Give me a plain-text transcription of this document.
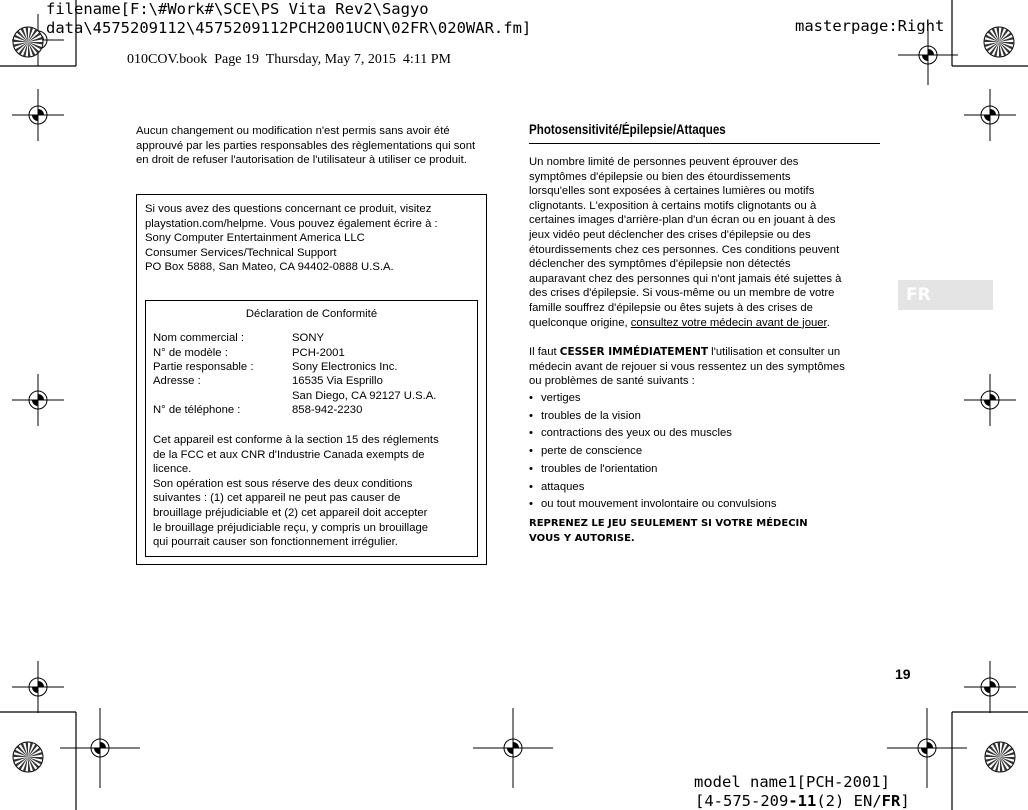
filename[F:\#Work#\SCE\PS Vita Rev2\Sagyo
data\4575209112\4575209112PCH2001UCN\02FR\020WAR.fm]	masterpage:Right
010COV.book  Page 19  Thursday, May 7, 2015  4:11 PM
Aucun changement ou modification n'est permis sans avoir été approuvé par les parties responsables des règlementations qui sont en droit de refuser l'autorisation de l'utilisateur à utiliser ce produit.
Si vous avez des questions concernant ce produit, visitez
playstation.com/helpme. Vous pouvez également écrire à :
Sony Computer Entertainment America LLC
Consumer Services/Technical Support
PO Box 5888, San Mateo, CA 94402-0888 U.S.A.
Déclaration de Conformité
Nom commercial :	SONY
N° de modèle :	PCH-2001
Partie responsable :	Sony Electronics Inc.
Adresse :	16535 Via Esprillo
San Diego, CA 92127 U.S.A.
N° de téléphone :	858-942-2230
Cet appareil est conforme à la section 15 des réglements
de la FCC et aux CNR d'Industrie Canada exempts de
licence.
Son opération est sous réserve des deux conditions
suivantes : (1) cet appareil ne peut pas causer de
brouillage préjudiciable et (2) cet appareil doit accepter
le brouillage préjudiciable reçu, y compris un brouillage
qui pourrait causer son fonctionnement irrégulier.
Photosensitivité/Épilepsie/Attaques
Un nombre limité de personnes peuvent éprouver des
symptômes d'épilepsie ou bien des étourdissements
lorsqu'elles sont exposées à certaines lumières ou motifs
clignotants. L'exposition à certains motifs clignotants ou à
certaines images d'arrière-plan d'un écran ou en jouant à des
jeux vidéo peut déclencher des crises d'épilepsie ou des
étourdissements chez ces personnes. Ces conditions peuvent
déclencher des symptômes d'épilepsie non détectés
auparavant chez des personnes qui n'ont jamais été sujettes à
des crises d'épilepsie. Si vous-même ou un membre de votre
famille souffrez d'épilepsie ou êtes sujets à des crises de
quelconque origine, consultez votre médecin avant de jouer.
Il faut CESSER IMMÉDIATEMENT l'utilisation et consulter un
médecin avant de rejouer si vous ressentez un des symptômes
ou problèmes de santé suivants :
• vertiges
• troubles de la vision
• contractions des yeux ou des muscles
• perte de conscience
• troubles de l'orientation
• attaques
• ou tout mouvement involontaire ou convulsions
REPRENEZ LE JEU SEULEMENT SI VOTRE MÉDECIN
VOUS Y AUTORISE.
FR
19
model name1[PCH-2001]
[4-575-209-11(2) EN/FR]
